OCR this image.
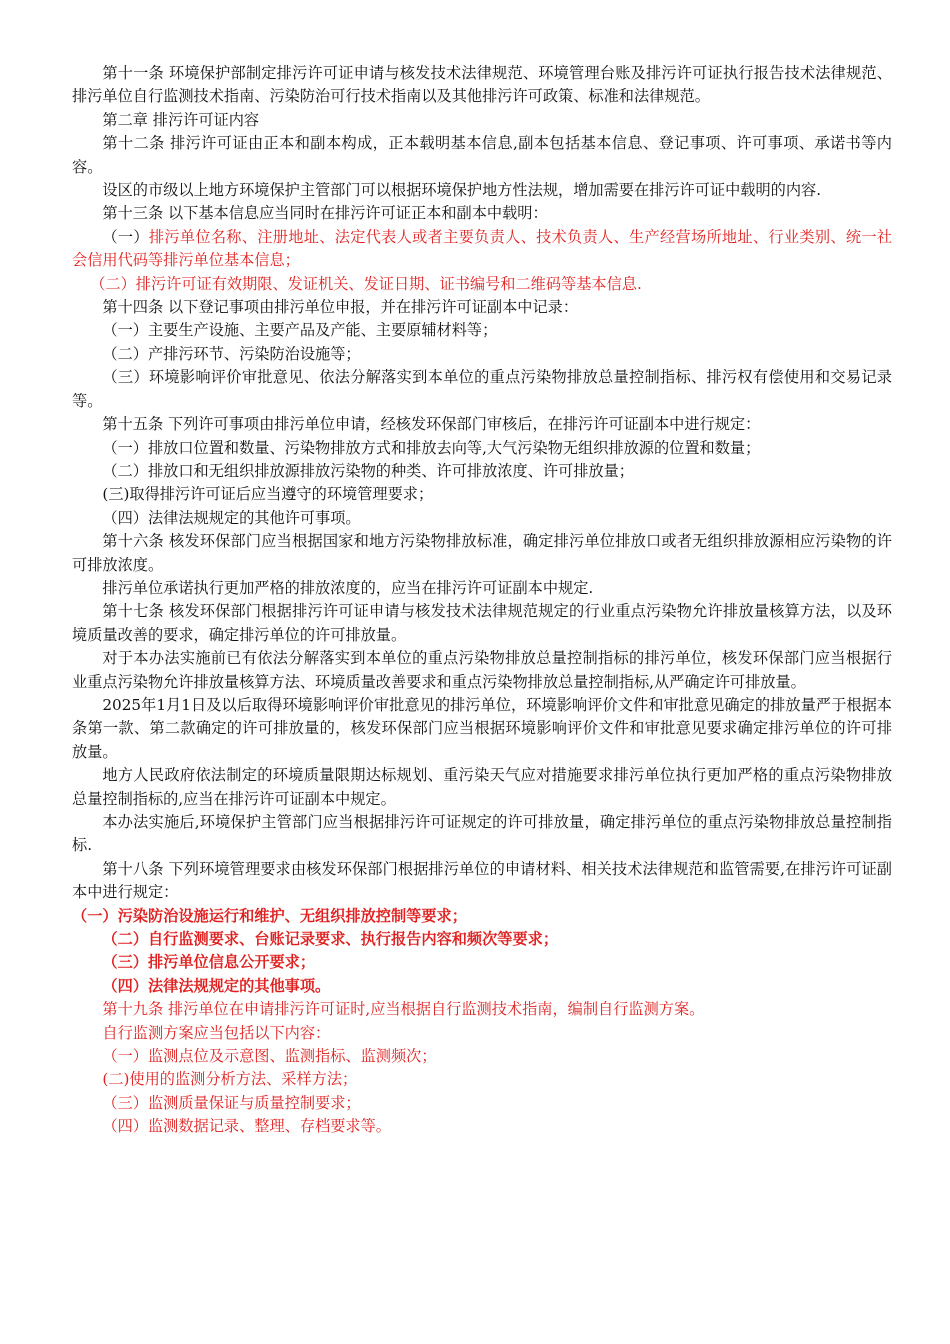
第十一条 环境保护部制定排污许可证申请与核发技术法律规范、环境管理台账及排污许可证执行报告技术法律规范、排污单位自行监测技术指南、污染防治可行技术指南以及其他排污许可政策、标准和法律规范。

第二章 排污许可证内容

第十二条 排污许可证由正本和副本构成，正本载明基本信息,副本包括基本信息、登记事项、许可事项、承诺书等内容。

设区的市级以上地方环境保护主管部门可以根据环境保护地方性法规，增加需要在排污许可证中载明的内容.

第十三条 以下基本信息应当同时在排污许可证正本和副本中载明：

（一）排污单位名称、注册地址、法定代表人或者主要负责人、技术负责人、生产经营场所地址、行业类别、统一社会信用代码等排污单位基本信息；

（二）排污许可证有效期限、发证机关、发证日期、证书编号和二维码等基本信息.

第十四条 以下登记事项由排污单位申报，并在排污许可证副本中记录：

（一）主要生产设施、主要产品及产能、主要原辅材料等；

（二）产排污环节、污染防治设施等；

（三）环境影响评价审批意见、依法分解落实到本单位的重点污染物排放总量控制指标、排污权有偿使用和交易记录等。

第十五条 下列许可事项由排污单位申请，经核发环保部门审核后，在排污许可证副本中进行规定：

（一）排放口位置和数量、污染物排放方式和排放去向等,大气污染物无组织排放源的位置和数量；

（二）排放口和无组织排放源排放污染物的种类、许可排放浓度、许可排放量；

(三)取得排污许可证后应当遵守的环境管理要求；

（四）法律法规规定的其他许可事项。

第十六条 核发环保部门应当根据国家和地方污染物排放标准，确定排污单位排放口或者无组织排放源相应污染物的许可排放浓度。

排污单位承诺执行更加严格的排放浓度的，应当在排污许可证副本中规定.

第十七条 核发环保部门根据排污许可证申请与核发技术法律规范规定的行业重点污染物允许排放量核算方法，以及环境质量改善的要求，确定排污单位的许可排放量。

对于本办法实施前已有依法分解落实到本单位的重点污染物排放总量控制指标的排污单位，核发环保部门应当根据行业重点污染物允许排放量核算方法、环境质量改善要求和重点污染物排放总量控制指标,从严确定许可排放量。

2025年1月1日及以后取得环境影响评价审批意见的排污单位，环境影响评价文件和审批意见确定的排放量严于根据本条第一款、第二款确定的许可排放量的，核发环保部门应当根据环境影响评价文件和审批意见要求确定排污单位的许可排放量。

地方人民政府依法制定的环境质量限期达标规划、重污染天气应对措施要求排污单位执行更加严格的重点污染物排放总量控制指标的,应当在排污许可证副本中规定。

本办法实施后,环境保护主管部门应当根据排污许可证规定的许可排放量，确定排污单位的重点污染物排放总量控制指标.

第十八条 下列环境管理要求由核发环保部门根据排污单位的申请材料、相关技术法律规范和监管需要,在排污许可证副本中进行规定：

（一）污染防治设施运行和维护、无组织排放控制等要求；

（二）自行监测要求、台账记录要求、执行报告内容和频次等要求；

（三）排污单位信息公开要求；

（四）法律法规规定的其他事项。

第十九条 排污单位在申请排污许可证时,应当根据自行监测技术指南，编制自行监测方案。

自行监测方案应当包括以下内容：

（一）监测点位及示意图、监测指标、监测频次；

(二)使用的监测分析方法、采样方法；

（三）监测质量保证与质量控制要求；

（四）监测数据记录、整理、存档要求等。
